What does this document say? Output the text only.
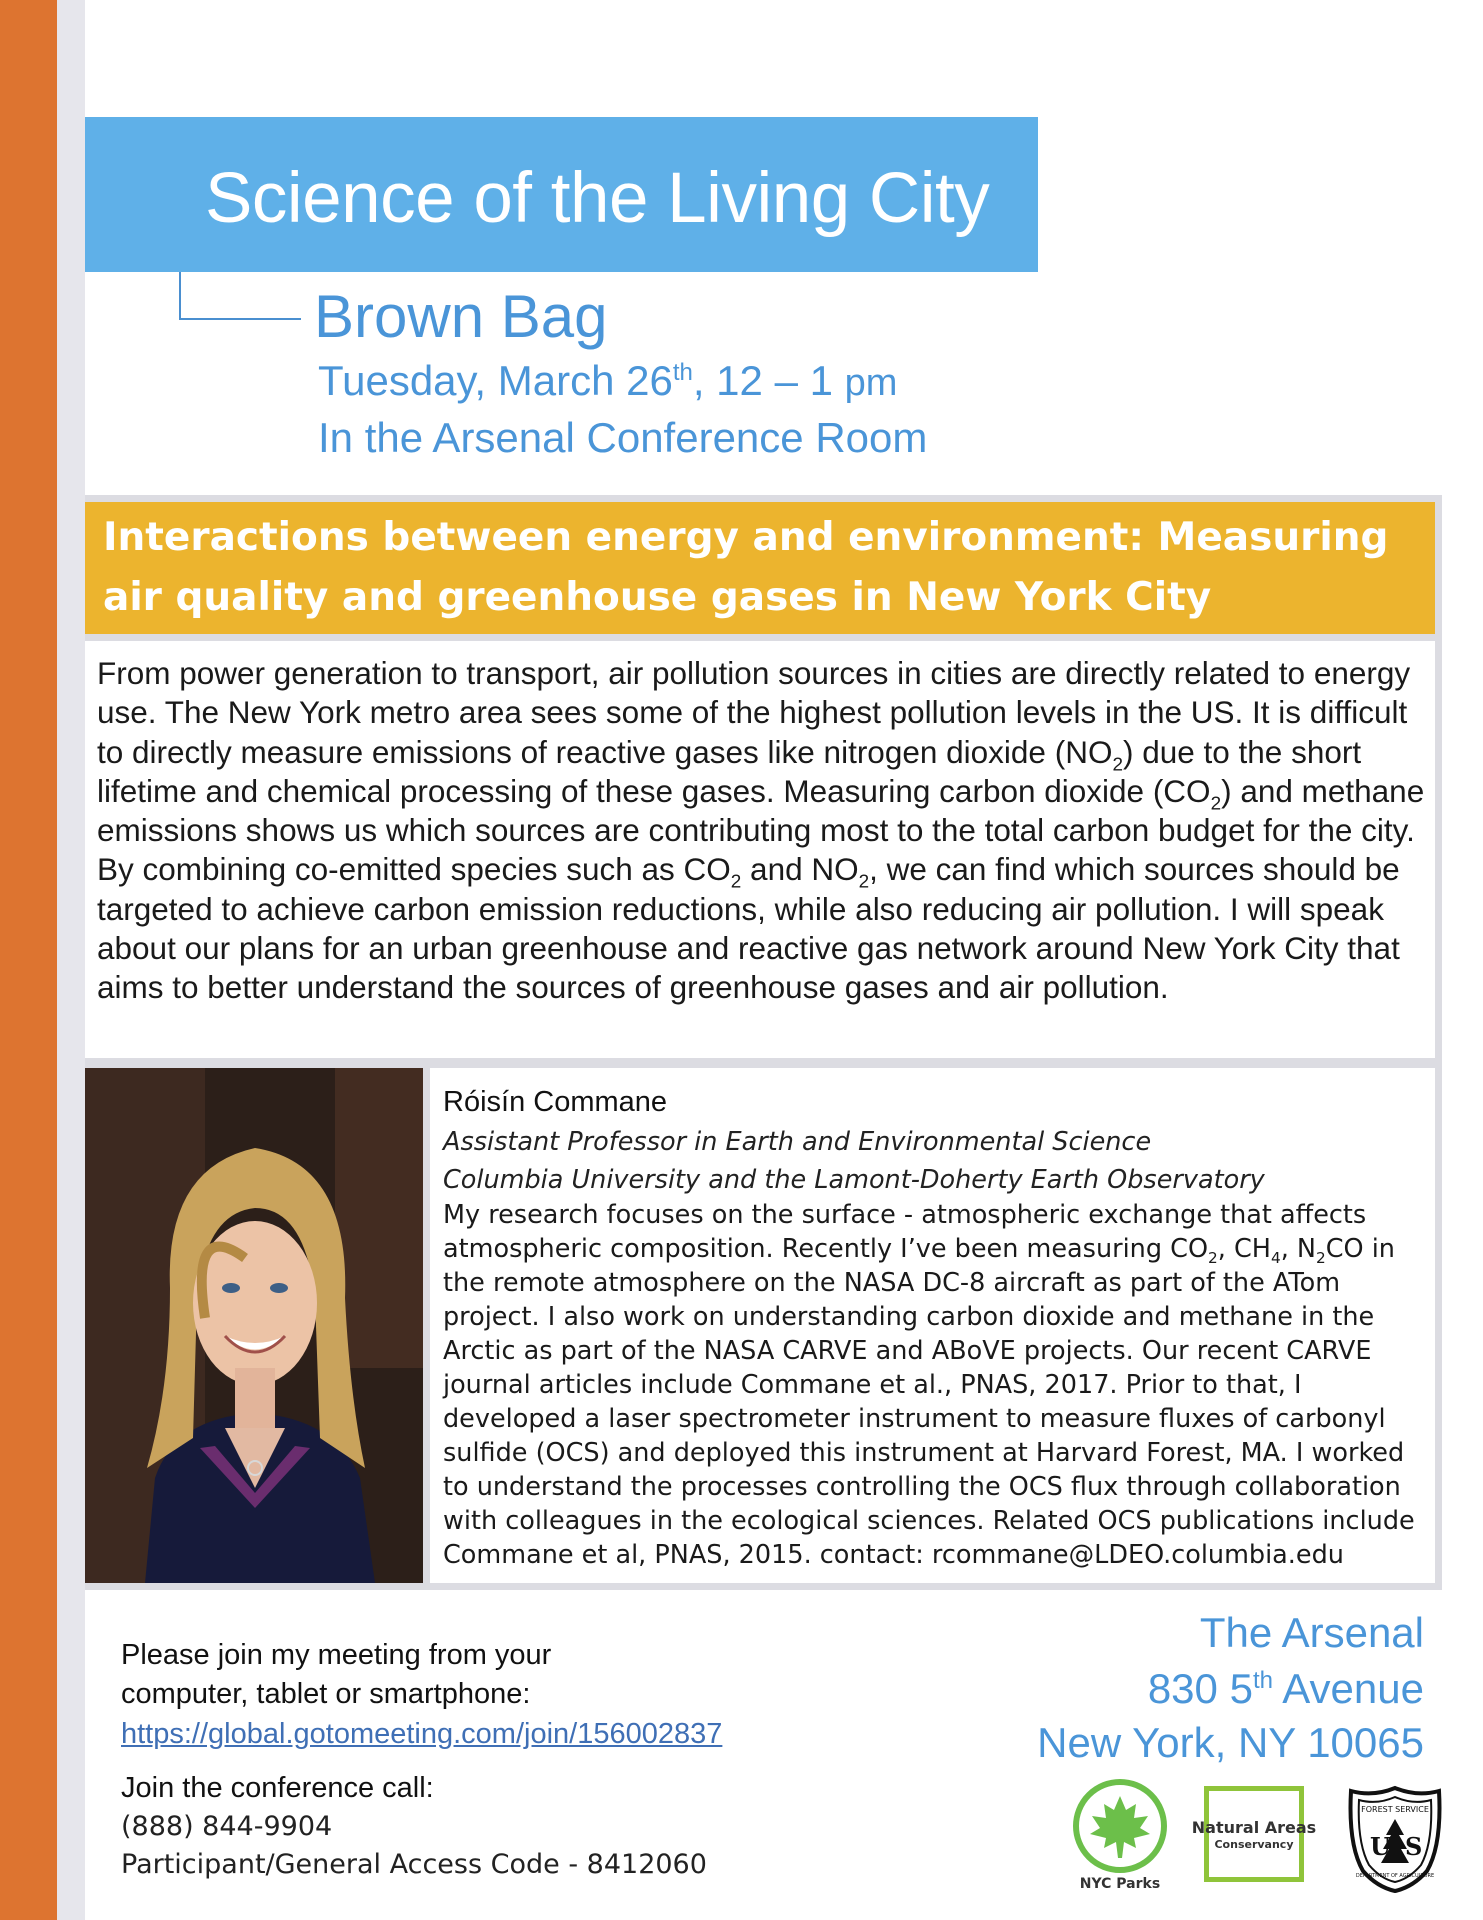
Science of the Living City
Brown Bag
Tuesday, March 26th, 12 – 1 pm
In the Arsenal Conference Room
Interactions between energy and environment: Measuring air quality and greenhouse gases in New York City
From power generation to transport, air pollution sources in cities are directly related to energy use. The New York metro area sees some of the highest pollution levels in the US. It is difficult to directly measure emissions of reactive gases like nitrogen dioxide $(NO_2)$ due to the short lifetime and chemical processing of these gases. Measuring carbon dioxide $(CO_2)$ and methane emissions shows us which sources are contributing most to the total carbon budget for the city. By combining co-emitted species such as $CO_2$ and $NO_2$, we can find which sources should be targeted to achieve carbon emission reductions, while also reducing air pollution. I will speak about our plans for an urban greenhouse and reactive gas network around New York City that aims to better understand the sources of greenhouse gases and air pollution.
Róisín Commane
Assistant Professor in Earth and Environmental Science
Columbia University and the Lamont-Doherty Earth Observatory
My research focuses on the surface - atmospheric exchange that affects atmospheric composition. Recently I’ve been measuring $CO_2$, $CH_4$, $N_2CO$ in the remote atmosphere on the NASA DC-8 aircraft as part of the ATom project. I also work on understanding carbon dioxide and methane in the Arctic as part of the NASA CARVE and ABoVE projects. Our recent CARVE journal articles include Commane et al., PNAS, 2017. Prior to that, I developed a laser spectrometer instrument to measure fluxes of carbonyl sulfide (OCS) and deployed this instrument at Harvard Forest, MA. I worked to understand the processes controlling the OCS flux through collaboration with colleagues in the ecological sciences. Related OCS publications include Commane et al, PNAS, 2015. contact: rcommane@LDEO.columbia.edu
Please join my meeting from your computer, tablet or smartphone:
https://global.gotomeeting.com/join/156002837
Join the conference call:
(888) 844-9904
Participant/General Access Code - 8412060
The Arsenal
830 5th Avenue
New York, NY 10065
NYC Parks
Natural Areas
Conservancy	U S
FOREST SERVICE
DEPARTMENT OF AGRICULTURE
